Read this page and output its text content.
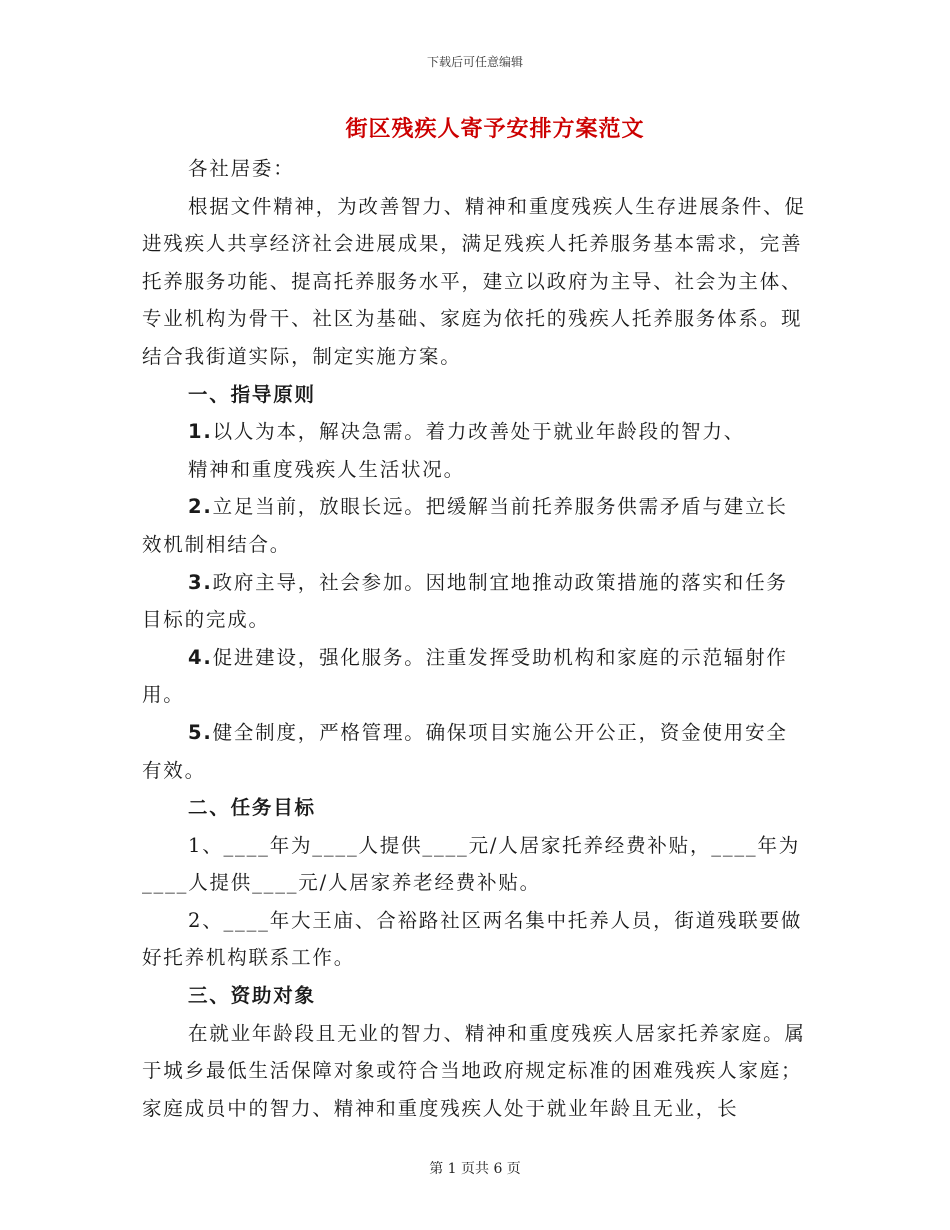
下载后可任意编辑
街区残疾人寄予安排方案范文

各社居委：

根据文件精神，为改善智力、精神和重度残疾人生存进展条件、促进残疾人共享经济社会进展成果，满足残疾人托养服务基本需求，完善托养服务功能、提高托养服务水平，建立以政府为主导、社会为主体、专业机构为骨干、社区为基础、家庭为依托的残疾人托养服务体系。现结合我街道实际，制定实施方案。

一、指导原则

1.以人为本，解决急需。着力改善处于就业年龄段的智力、

精神和重度残疾人生活状况。

2.立足当前，放眼长远。把缓解当前托养服务供需矛盾与建立长效机制相结合。

3.政府主导，社会参加。因地制宜地推动政策措施的落实和任务目标的完成。

4.促进建设，强化服务。注重发挥受助机构和家庭的示范辐射作用。

5.健全制度，严格管理。确保项目实施公开公正，资金使用安全有效。

二、任务目标

1、____年为____人提供____元/人居家托养经费补贴，____年为____人提供____元/人居家养老经费补贴。

2、____年大王庙、合裕路社区两名集中托养人员，街道残联要做好托养机构联系工作。

三、资助对象

在就业年龄段且无业的智力、精神和重度残疾人居家托养家庭。属于城乡最低生活保障对象或符合当地政府规定标准的困难残疾人家庭；家庭成员中的智力、精神和重度残疾人处于就业年龄且无业，长

第 1 页共 6 页
